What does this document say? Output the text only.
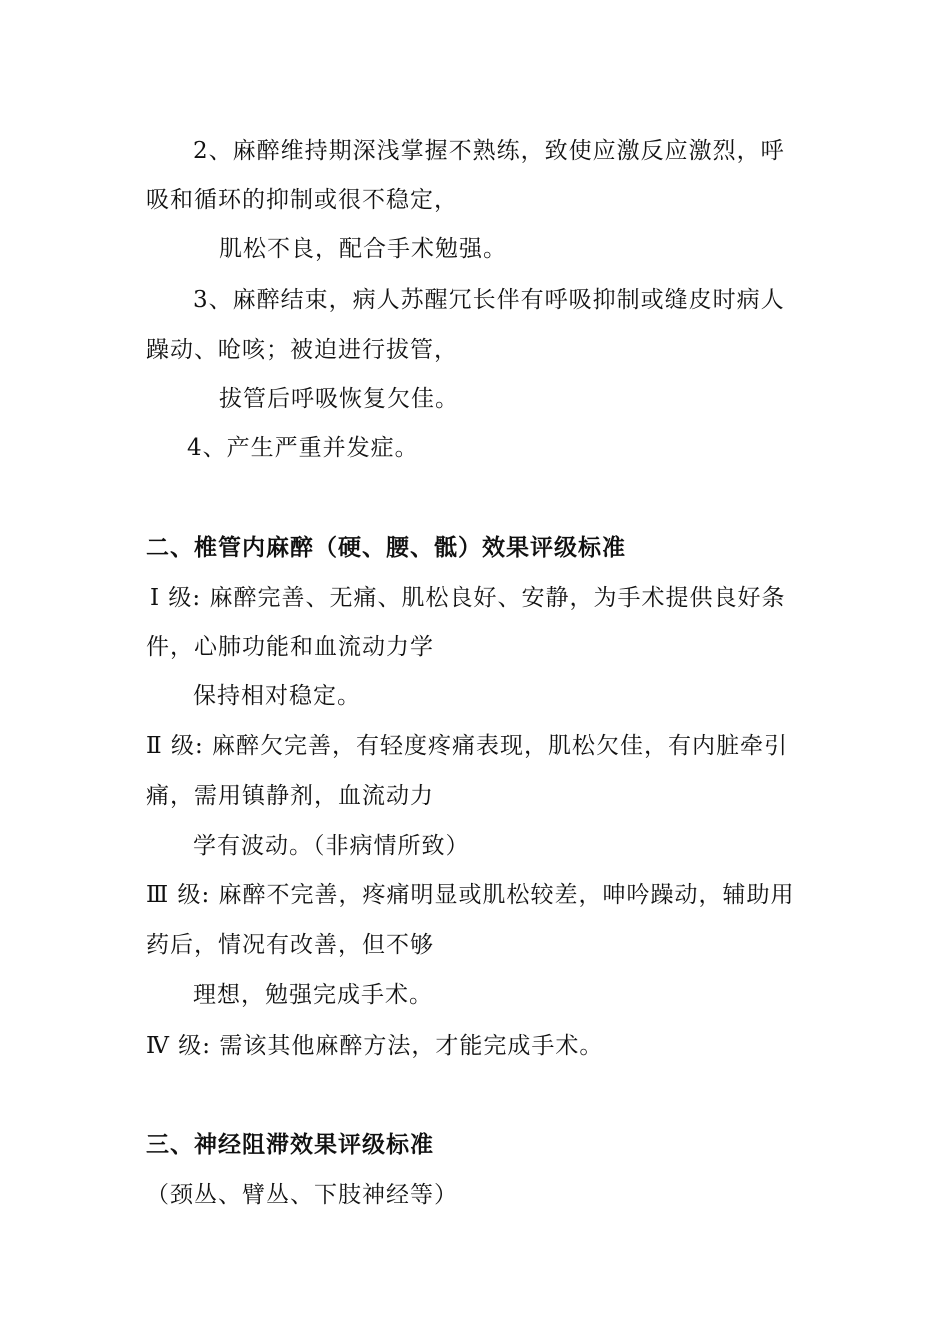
2、麻醉维持期深浅掌握不熟练，致使应激反应激烈，呼
吸和循环的抑制或很不稳定，
肌松不良，配合手术勉强。
3、麻醉结束，病人苏醒冗长伴有呼吸抑制或缝皮时病人
躁动、呛咳；被迫进行拔管，
拔管后呼吸恢复欠佳。
4、产生严重并发症。
二、椎管内麻醉（硬、腰、骶）效果评级标准
Ⅰ 级: 麻醉完善、无痛、肌松良好、安静，为手术提供良好条
件，心肺功能和血流动力学
保持相对稳定。
Ⅱ 级: 麻醉欠完善，有轻度疼痛表现，肌松欠佳，有内脏牵引
痛，需用镇静剂，血流动力
学有波动。（非病情所致）
Ⅲ 级: 麻醉不完善，疼痛明显或肌松较差，呻吟躁动，辅助用
药后，情况有改善，但不够
理想，勉强完成手术。
Ⅳ 级: 需该其他麻醉方法，才能完成手术。
三、神经阻滞效果评级标准
（颈丛、臂丛、下肢神经等）
